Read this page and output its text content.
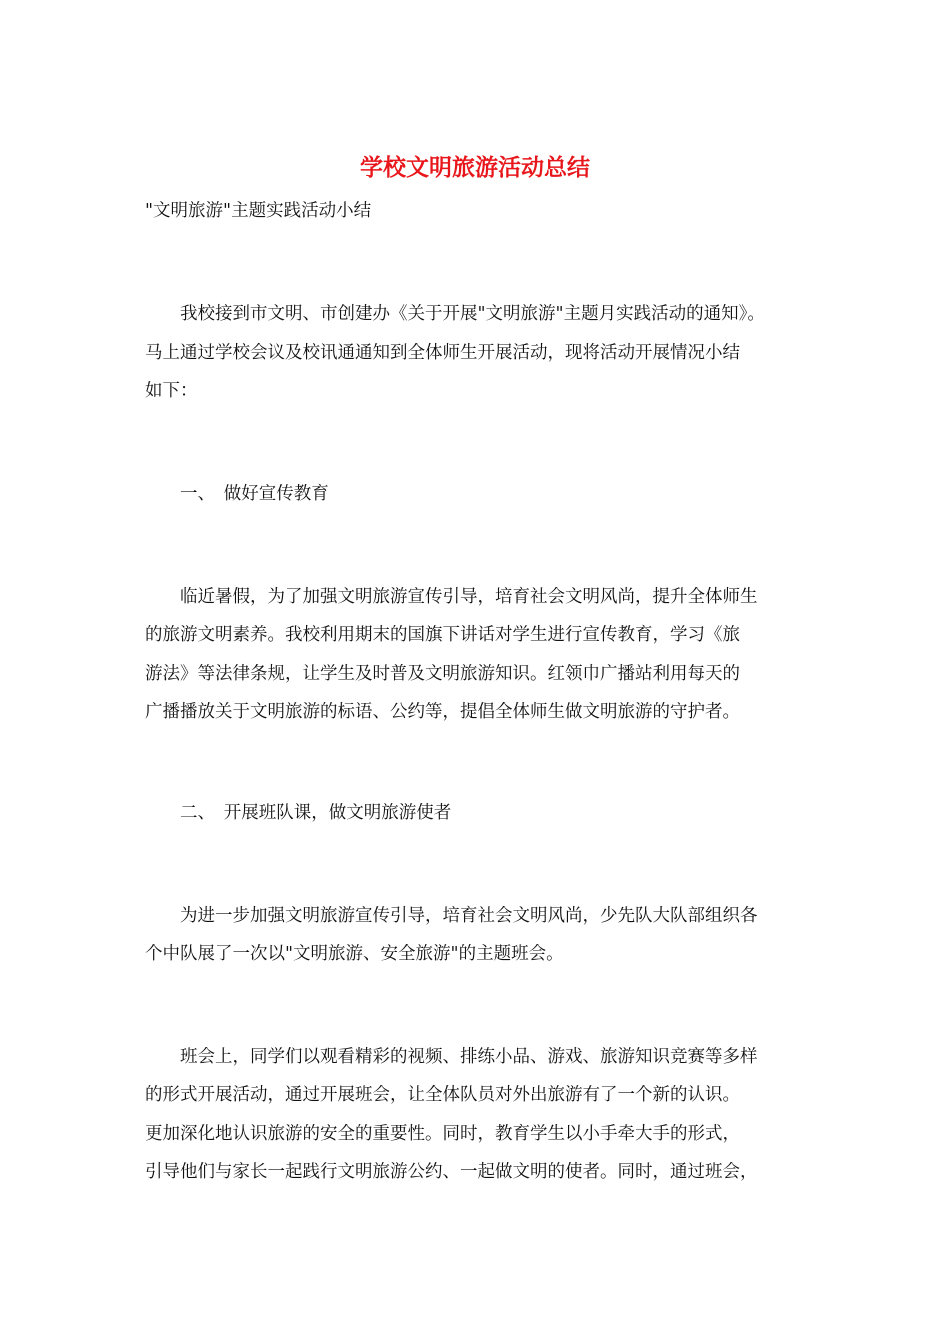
学校文明旅游活动总结
"文明旅游"主题实践活动小结
　　我校接到市文明、市创建办《关于开展"文明旅游"主题月实践活动的通知》。
马上通过学校会议及校讯通通知到全体师生开展活动，现将活动开展情况小结
如下：
　　一、　做好宣传教育
　　临近暑假，为了加强文明旅游宣传引导，培育社会文明风尚，提升全体师生
的旅游文明素养。我校利用期末的国旗下讲话对学生进行宣传教育，学习《旅
游法》等法律条规，让学生及时普及文明旅游知识。红领巾广播站利用每天的
广播播放关于文明旅游的标语、公约等，提倡全体师生做文明旅游的守护者。
　　二、　开展班队课，做文明旅游使者
　　为进一步加强文明旅游宣传引导，培育社会文明风尚，少先队大队部组织各
个中队展了一次以"文明旅游、安全旅游"的主题班会。
　　班会上，同学们以观看精彩的视频、排练小品、游戏、旅游知识竞赛等多样
的形式开展活动，通过开展班会，让全体队员对外出旅游有了一个新的认识。
更加深化地认识旅游的安全的重要性。同时，教育学生以小手牵大手的形式，
引导他们与家长一起践行文明旅游公约、一起做文明的使者。同时，通过班会，
